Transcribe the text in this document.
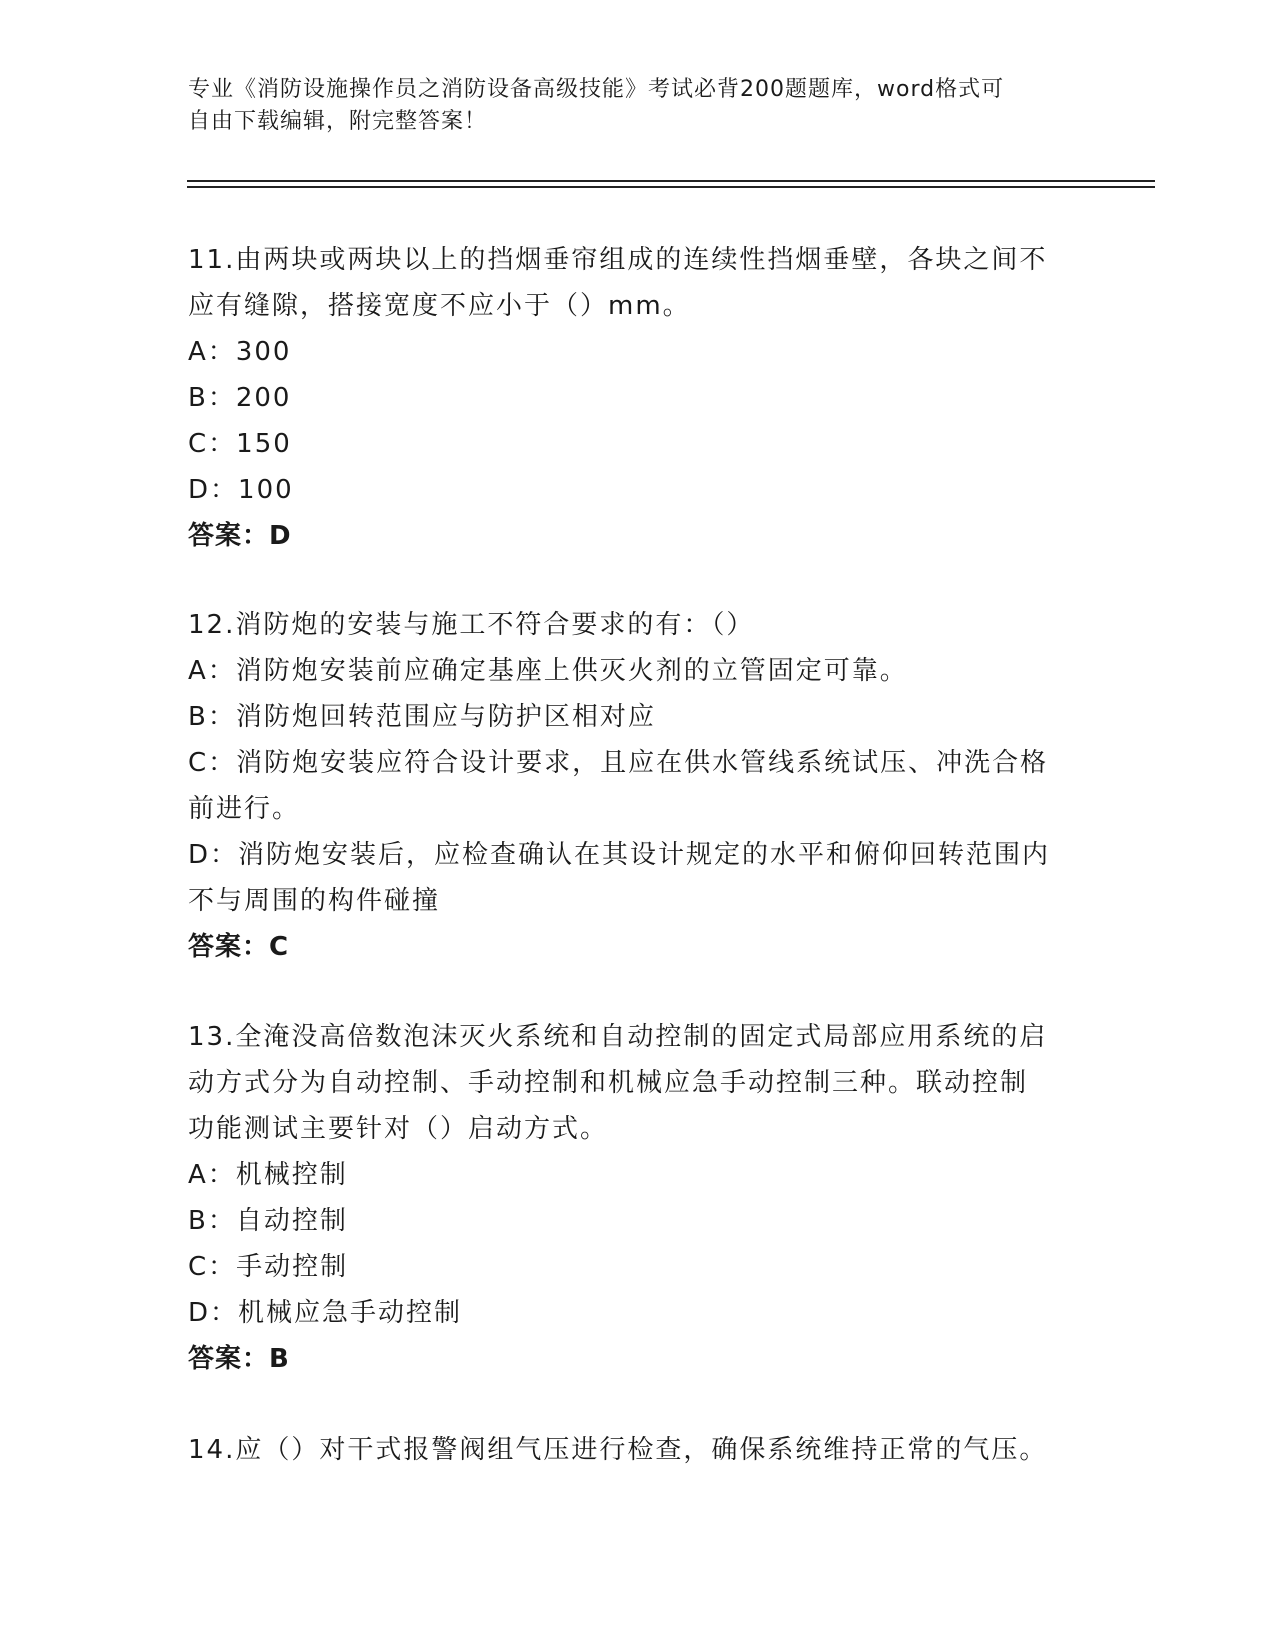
专业《消防设施操作员之消防设备高级技能》考试必背200题题库，word格式可
自由下载编辑，附完整答案！
11.由两块或两块以上的挡烟垂帘组成的连续性挡烟垂壁，各块之间不
应有缝隙，搭接宽度不应小于（）mm。
A：300
B：200
C：150
D：100
答案：D
12.消防炮的安装与施工不符合要求的有：（）
A：消防炮安装前应确定基座上供灭火剂的立管固定可靠。
B：消防炮回转范围应与防护区相对应
C：消防炮安装应符合设计要求，且应在供水管线系统试压、冲洗合格
前进行。
D：消防炮安装后，应检查确认在其设计规定的水平和俯仰回转范围内
不与周围的构件碰撞
答案：C
13.全淹没高倍数泡沫灭火系统和自动控制的固定式局部应用系统的启
动方式分为自动控制、手动控制和机械应急手动控制三种。联动控制
功能测试主要针对（）启动方式。
A：机械控制
B：自动控制
C：手动控制
D：机械应急手动控制
答案：B
14.应（）对干式报警阀组气压进行检查，确保系统维持正常的气压。
